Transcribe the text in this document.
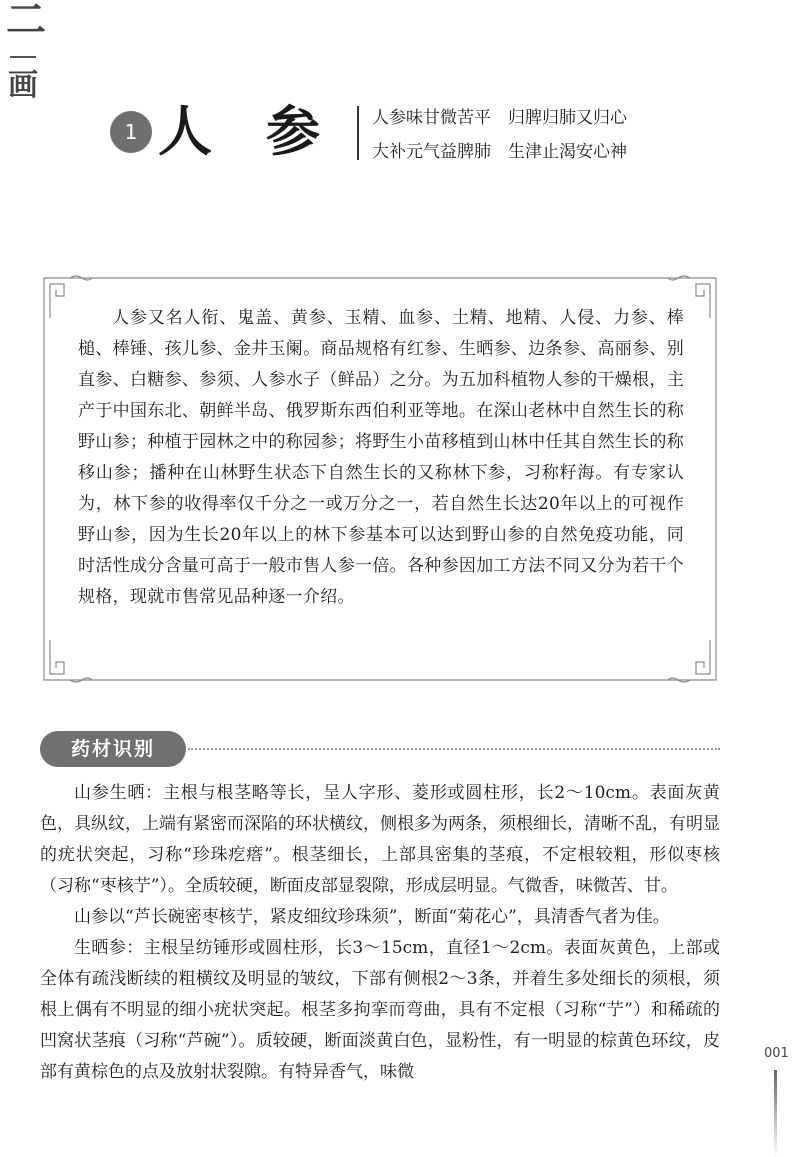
二
画
1 人 参	人参味甘微苦平　归脾归肺又归心
大补元气益脾肺　生津止渴安心神
人参又名人衔、鬼盖、黄参、玉精、血参、土精、地精、人侵、力参、棒槌、棒锤、孩儿参、金井玉阑。商品规格有红参、生晒参、边条参、高丽参、别直参、白糖参、参须、人参水子（鲜品）之分。为五加科植物人参的干燥根，主产于中国东北、朝鲜半岛、俄罗斯东西伯利亚等地。在深山老林中自然生长的称野山参；种植于园林之中的称园参；将野生小苗移植到山林中任其自然生长的称移山参；播种在山林野生状态下自然生长的又称林下参，习称籽海。有专家认为，林下参的收得率仅千分之一或万分之一，若自然生长达20年以上的可视作野山参，因为生长20年以上的林下参基本可以达到野山参的自然免疫功能，同时活性成分含量可高于一般市售人参一倍。各种参因加工方法不同又分为若干个规格，现就市售常见品种逐一介绍。
药材识别

山参生晒：主根与根茎略等长，呈人字形、菱形或圆柱形，长2～10cm。表面灰黄色，具纵纹，上端有紧密而深陷的环状横纹，侧根多为两条，须根细长，清晰不乱，有明显的疣状突起，习称“珍珠疙瘩”。根茎细长，上部具密集的茎痕，不定根较粗，形似枣核（习称“枣核艼”）。全质较硬，断面皮部显裂隙，形成层明显。气微香，味微苦、甘。

山参以“芦长碗密枣核艼，紧皮细纹珍珠须”，断面“菊花心”，具清香气者为佳。

生晒参：主根呈纺锤形或圆柱形，长3～15cm，直径1～2cm。表面灰黄色，上部或全体有疏浅断续的粗横纹及明显的皱纹，下部有侧根2～3条，并着生多处细长的须根，须根上偶有不明显的细小疣状突起。根茎多拘挛而弯曲，具有不定根（习称“艼”）和稀疏的凹窝状茎痕（习称“芦碗”）。质较硬，断面淡黄白色，显粉性，有一明显的棕黄色环纹，皮部有黄棕色的点及放射状裂隙。有特异香气，味微

001
